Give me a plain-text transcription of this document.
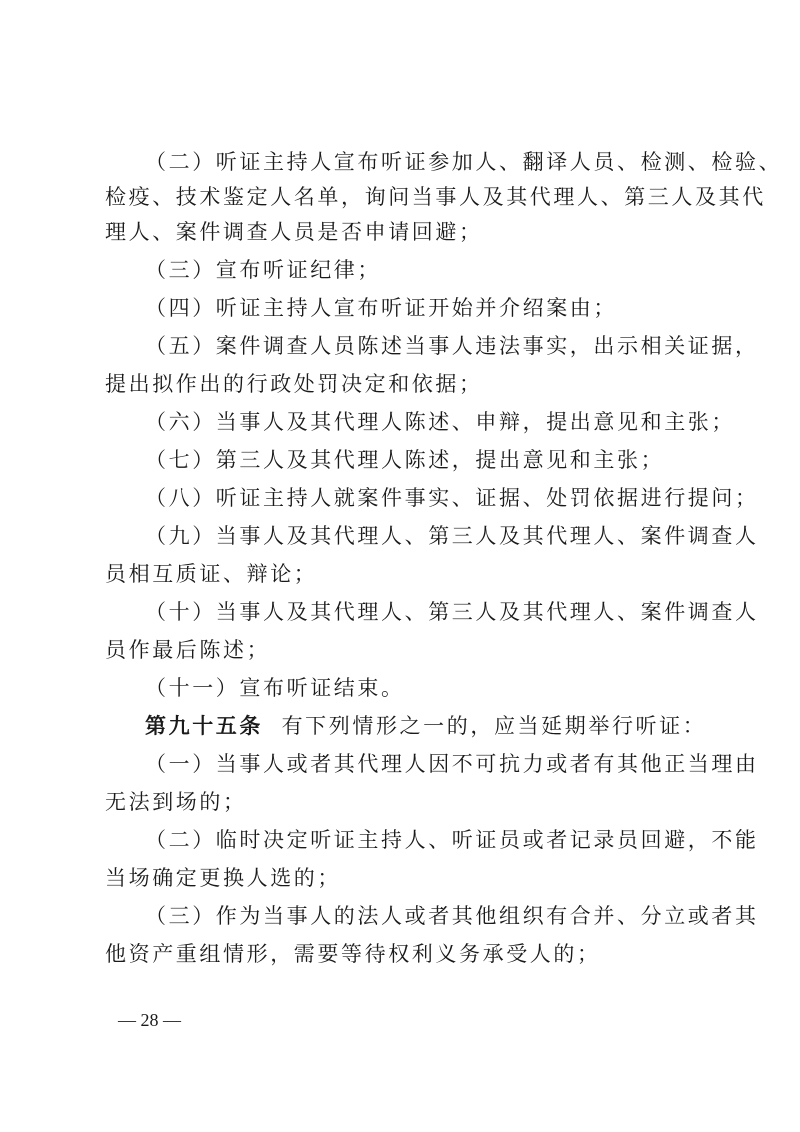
（二）听证主持人宣布听证参加人、翻译人员、检测、检验、
检疫、技术鉴定人名单，询问当事人及其代理人、第三人及其代
理人、案件调查人员是否申请回避；
（三）宣布听证纪律；
（四）听证主持人宣布听证开始并介绍案由；
（五）案件调查人员陈述当事人违法事实，出示相关证据，
提出拟作出的行政处罚决定和依据；
（六）当事人及其代理人陈述、申辩，提出意见和主张；
（七）第三人及其代理人陈述，提出意见和主张；
（八）听证主持人就案件事实、证据、处罚依据进行提问；
（九）当事人及其代理人、第三人及其代理人、案件调查人
员相互质证、辩论；
（十）当事人及其代理人、第三人及其代理人、案件调查人
员作最后陈述；
（十一）宣布听证结束。
第九十五条 有下列情形之一的，应当延期举行听证：
（一）当事人或者其代理人因不可抗力或者有其他正当理由
无法到场的；
（二）临时决定听证主持人、听证员或者记录员回避，不能
当场确定更换人选的；
（三）作为当事人的法人或者其他组织有合并、分立或者其
他资产重组情形，需要等待权利义务承受人的；
— 28 —
